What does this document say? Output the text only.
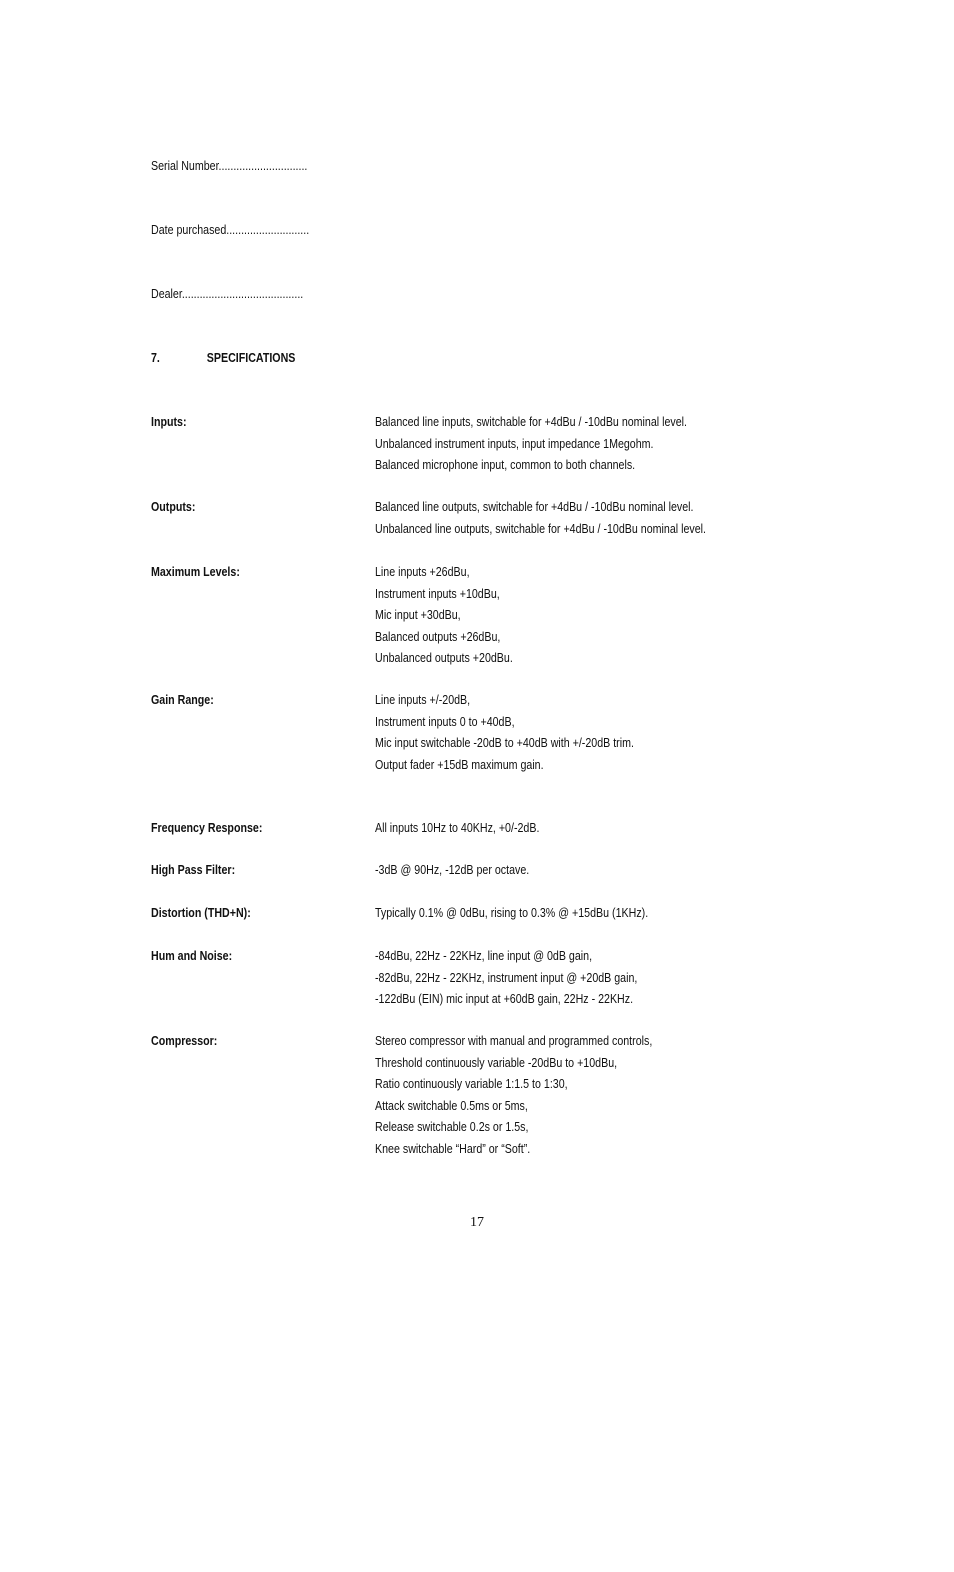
Serial Number..............................
Date purchased............................
Dealer.........................................
7.	SPECIFICATIONS
Inputs:	Balanced line inputs, switchable for +4dBu / -10dBu nominal level.
Unbalanced instrument inputs, input impedance 1Megohm.
Balanced microphone input, common to both channels.
Outputs:	Balanced line outputs, switchable for +4dBu / -10dBu nominal level.
Unbalanced line outputs, switchable for +4dBu / -10dBu nominal level.
Maximum Levels:	Line inputs +26dBu,
Instrument inputs +10dBu,
Mic input +30dBu,
Balanced outputs +26dBu,
Unbalanced outputs +20dBu.
Gain Range:	Line inputs +/-20dB,
Instrument inputs 0 to +40dB,
Mic input switchable -20dB to +40dB with +/-20dB trim.
Output fader +15dB maximum gain.
Frequency Response:	All inputs 10Hz to 40KHz, +0/-2dB.
High Pass Filter:	-3dB @ 90Hz, -12dB per octave.
Distortion (THD+N):	Typically 0.1% @ 0dBu, rising to 0.3% @ +15dBu (1KHz).
Hum and Noise:	-84dBu, 22Hz - 22KHz, line input @ 0dB gain,
-82dBu, 22Hz - 22KHz, instrument input @ +20dB gain,
-122dBu (EIN) mic input at +60dB gain, 22Hz - 22KHz.
Compressor:	Stereo compressor with manual and programmed controls,
Threshold continuously variable -20dBu to +10dBu,
Ratio continuously variable 1:1.5 to 1:30,
Attack switchable 0.5ms or 5ms,
Release switchable 0.2s or 1.5s,
Knee switchable “Hard” or “Soft”.
17
